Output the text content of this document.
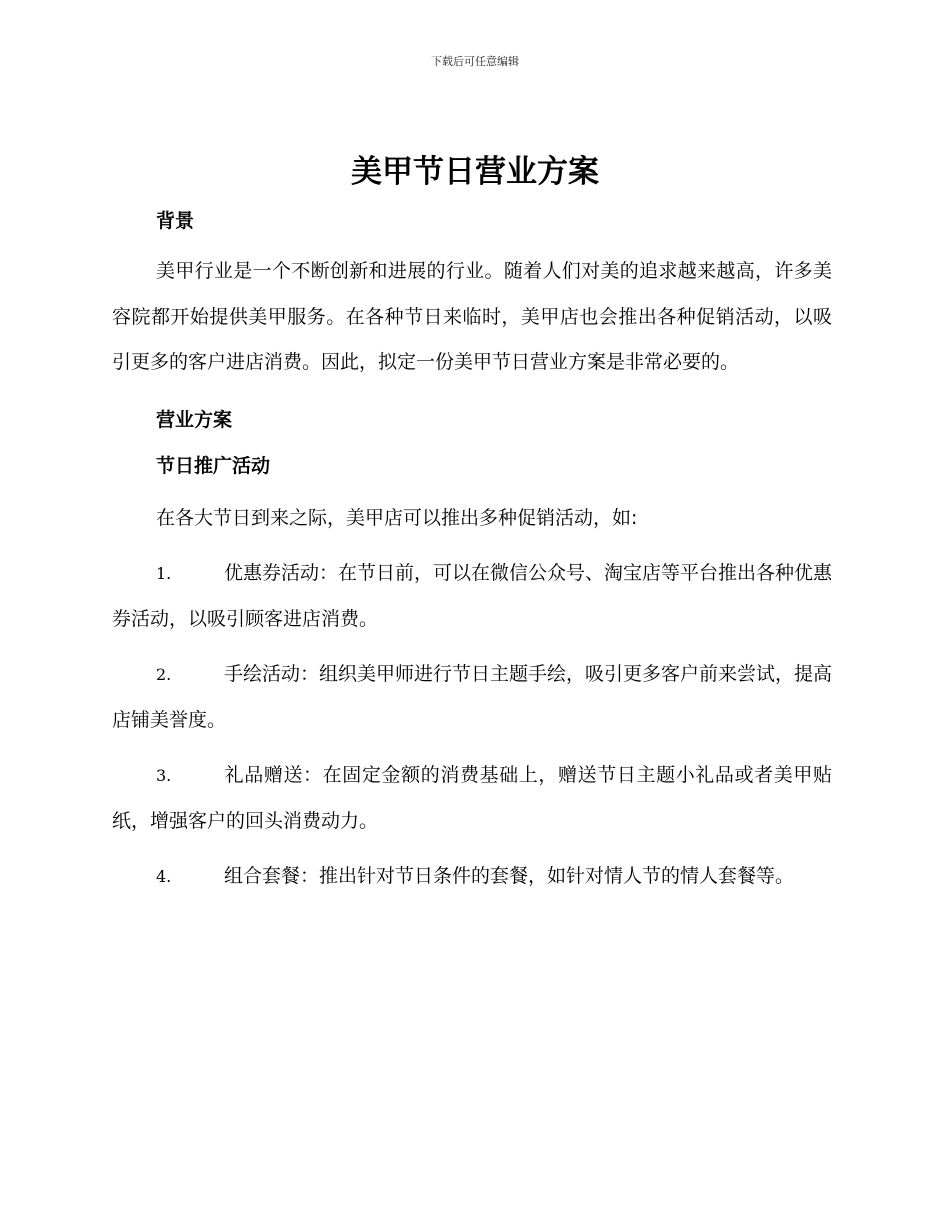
下载后可任意编辑
美甲节日营业方案

背景

美甲行业是一个不断创新和进展的行业。随着人们对美的追求越来越高，许多美容院都开始提供美甲服务。在各种节日来临时，美甲店也会推出各种促销活动，以吸引更多的客户进店消费。因此，拟定一份美甲节日营业方案是非常必要的。

营业方案

节日推广活动

在各大节日到来之际，美甲店可以推出多种促销活动，如:

1.	优惠券活动：在节日前，可以在微信公众号、淘宝店等平台推出各种优惠券活动，以吸引顾客进店消费。

2.	手绘活动：组织美甲师进行节日主题手绘，吸引更多客户前来尝试，提高店铺美誉度。

3.	礼品赠送：在固定金额的消费基础上，赠送节日主题小礼品或者美甲贴纸，增强客户的回头消费动力。

4.	组合套餐：推出针对节日条件的套餐，如针对情人节的情人套餐等。
